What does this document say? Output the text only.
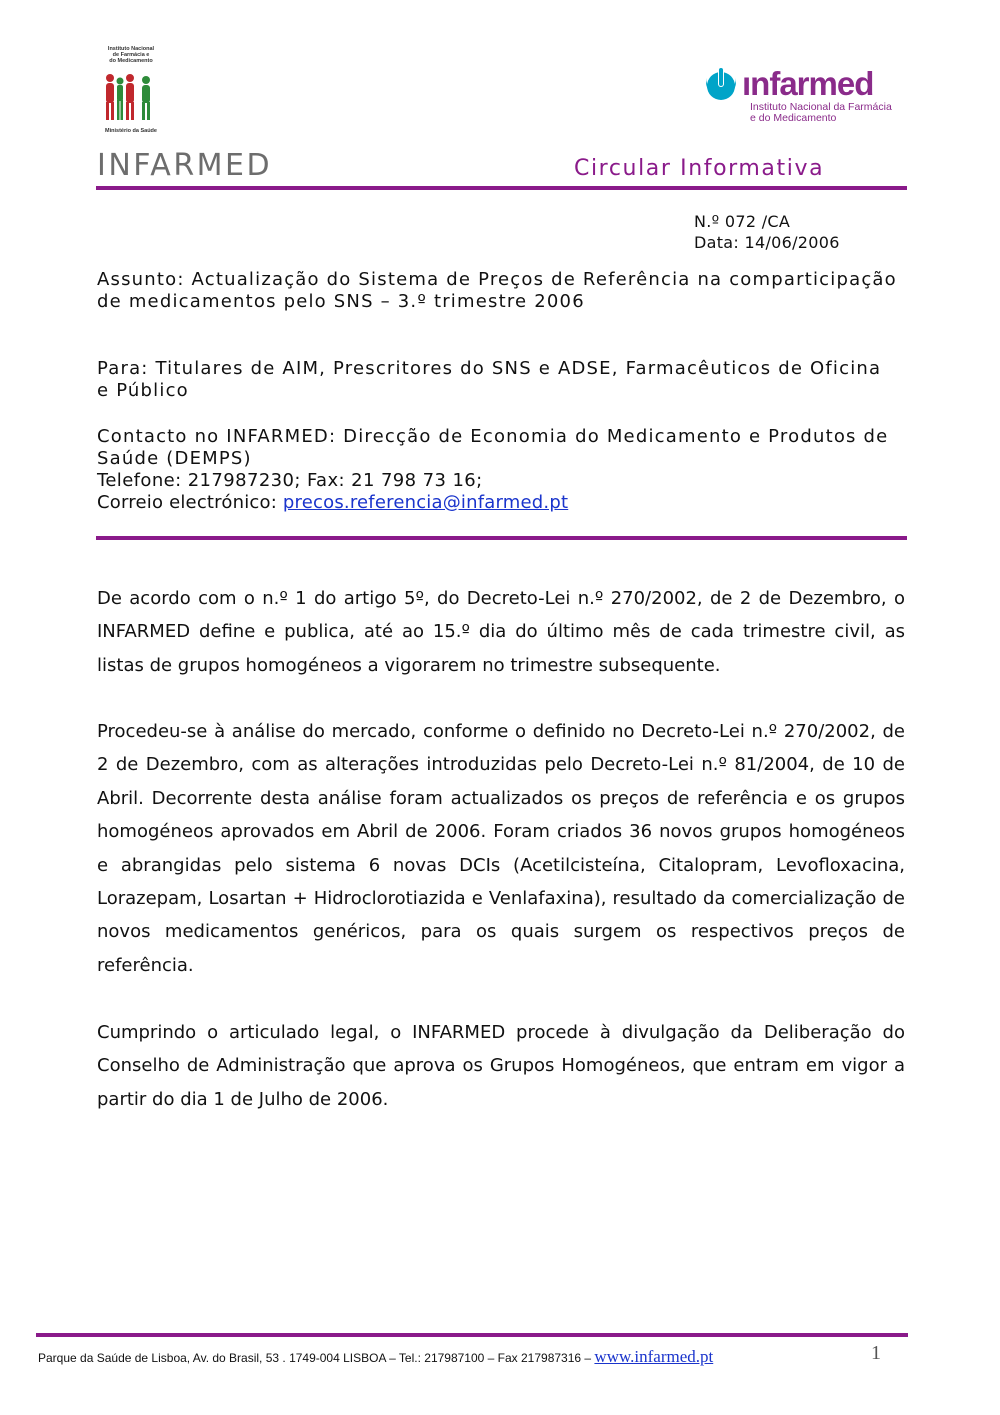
Instituto Nacional
de Farmácia e
do Medicamento
Ministério da Saúde
ınfarmed
Instituto Nacional da Farmácia
e do Medicamento
INFARMED	Circular Informativa
N.º 072 /CA
Data: 14/06/2006
Assunto: Actualização do Sistema de Preços de Referência na comparticipação
de medicamentos pelo SNS – 3.º trimestre 2006
Para: Titulares de AIM, Prescritores do SNS e ADSE, Farmacêuticos de Oficina
e Público
Contacto no INFARMED: Direcção de Economia do Medicamento e Produtos de
Saúde (DEMPS)
Telefone: 217987230; Fax: 21 798 73 16;
Correio electrónico: precos.referencia@infarmed.pt
De acordo com o n.º 1 do artigo 5º, do Decreto-Lei n.º 270/2002, de 2 de Dezembro, o INFARMED define e publica, até ao 15.º dia do último mês de cada trimestre civil, as listas de grupos homogéneos a vigorarem no trimestre subsequente.
Procedeu-se à análise do mercado, conforme o definido no Decreto-Lei n.º 270/2002, de 2 de Dezembro, com as alterações introduzidas pelo Decreto-Lei n.º 81/2004, de 10 de Abril. Decorrente desta análise foram actualizados os preços de referência e os grupos homogéneos aprovados em Abril de 2006. Foram criados 36 novos grupos homogéneos e abrangidas pelo sistema 6 novas DCIs (Acetilcisteína, Citalopram, Levofloxacina, Lorazepam, Losartan + Hidroclorotiazida e Venlafaxina), resultado da comercialização de novos medicamentos genéricos, para os quais surgem os respectivos preços de referência.
Cumprindo o articulado legal, o INFARMED procede à divulgação da Deliberação do Conselho de Administração que aprova os Grupos Homogéneos, que entram em vigor a partir do dia 1 de Julho de 2006.
Parque da Saúde de Lisboa, Av. do Brasil, 53 . 1749-004 LISBOA – Tel.: 217987100 – Fax 217987316 – www.infarmed.pt	1
